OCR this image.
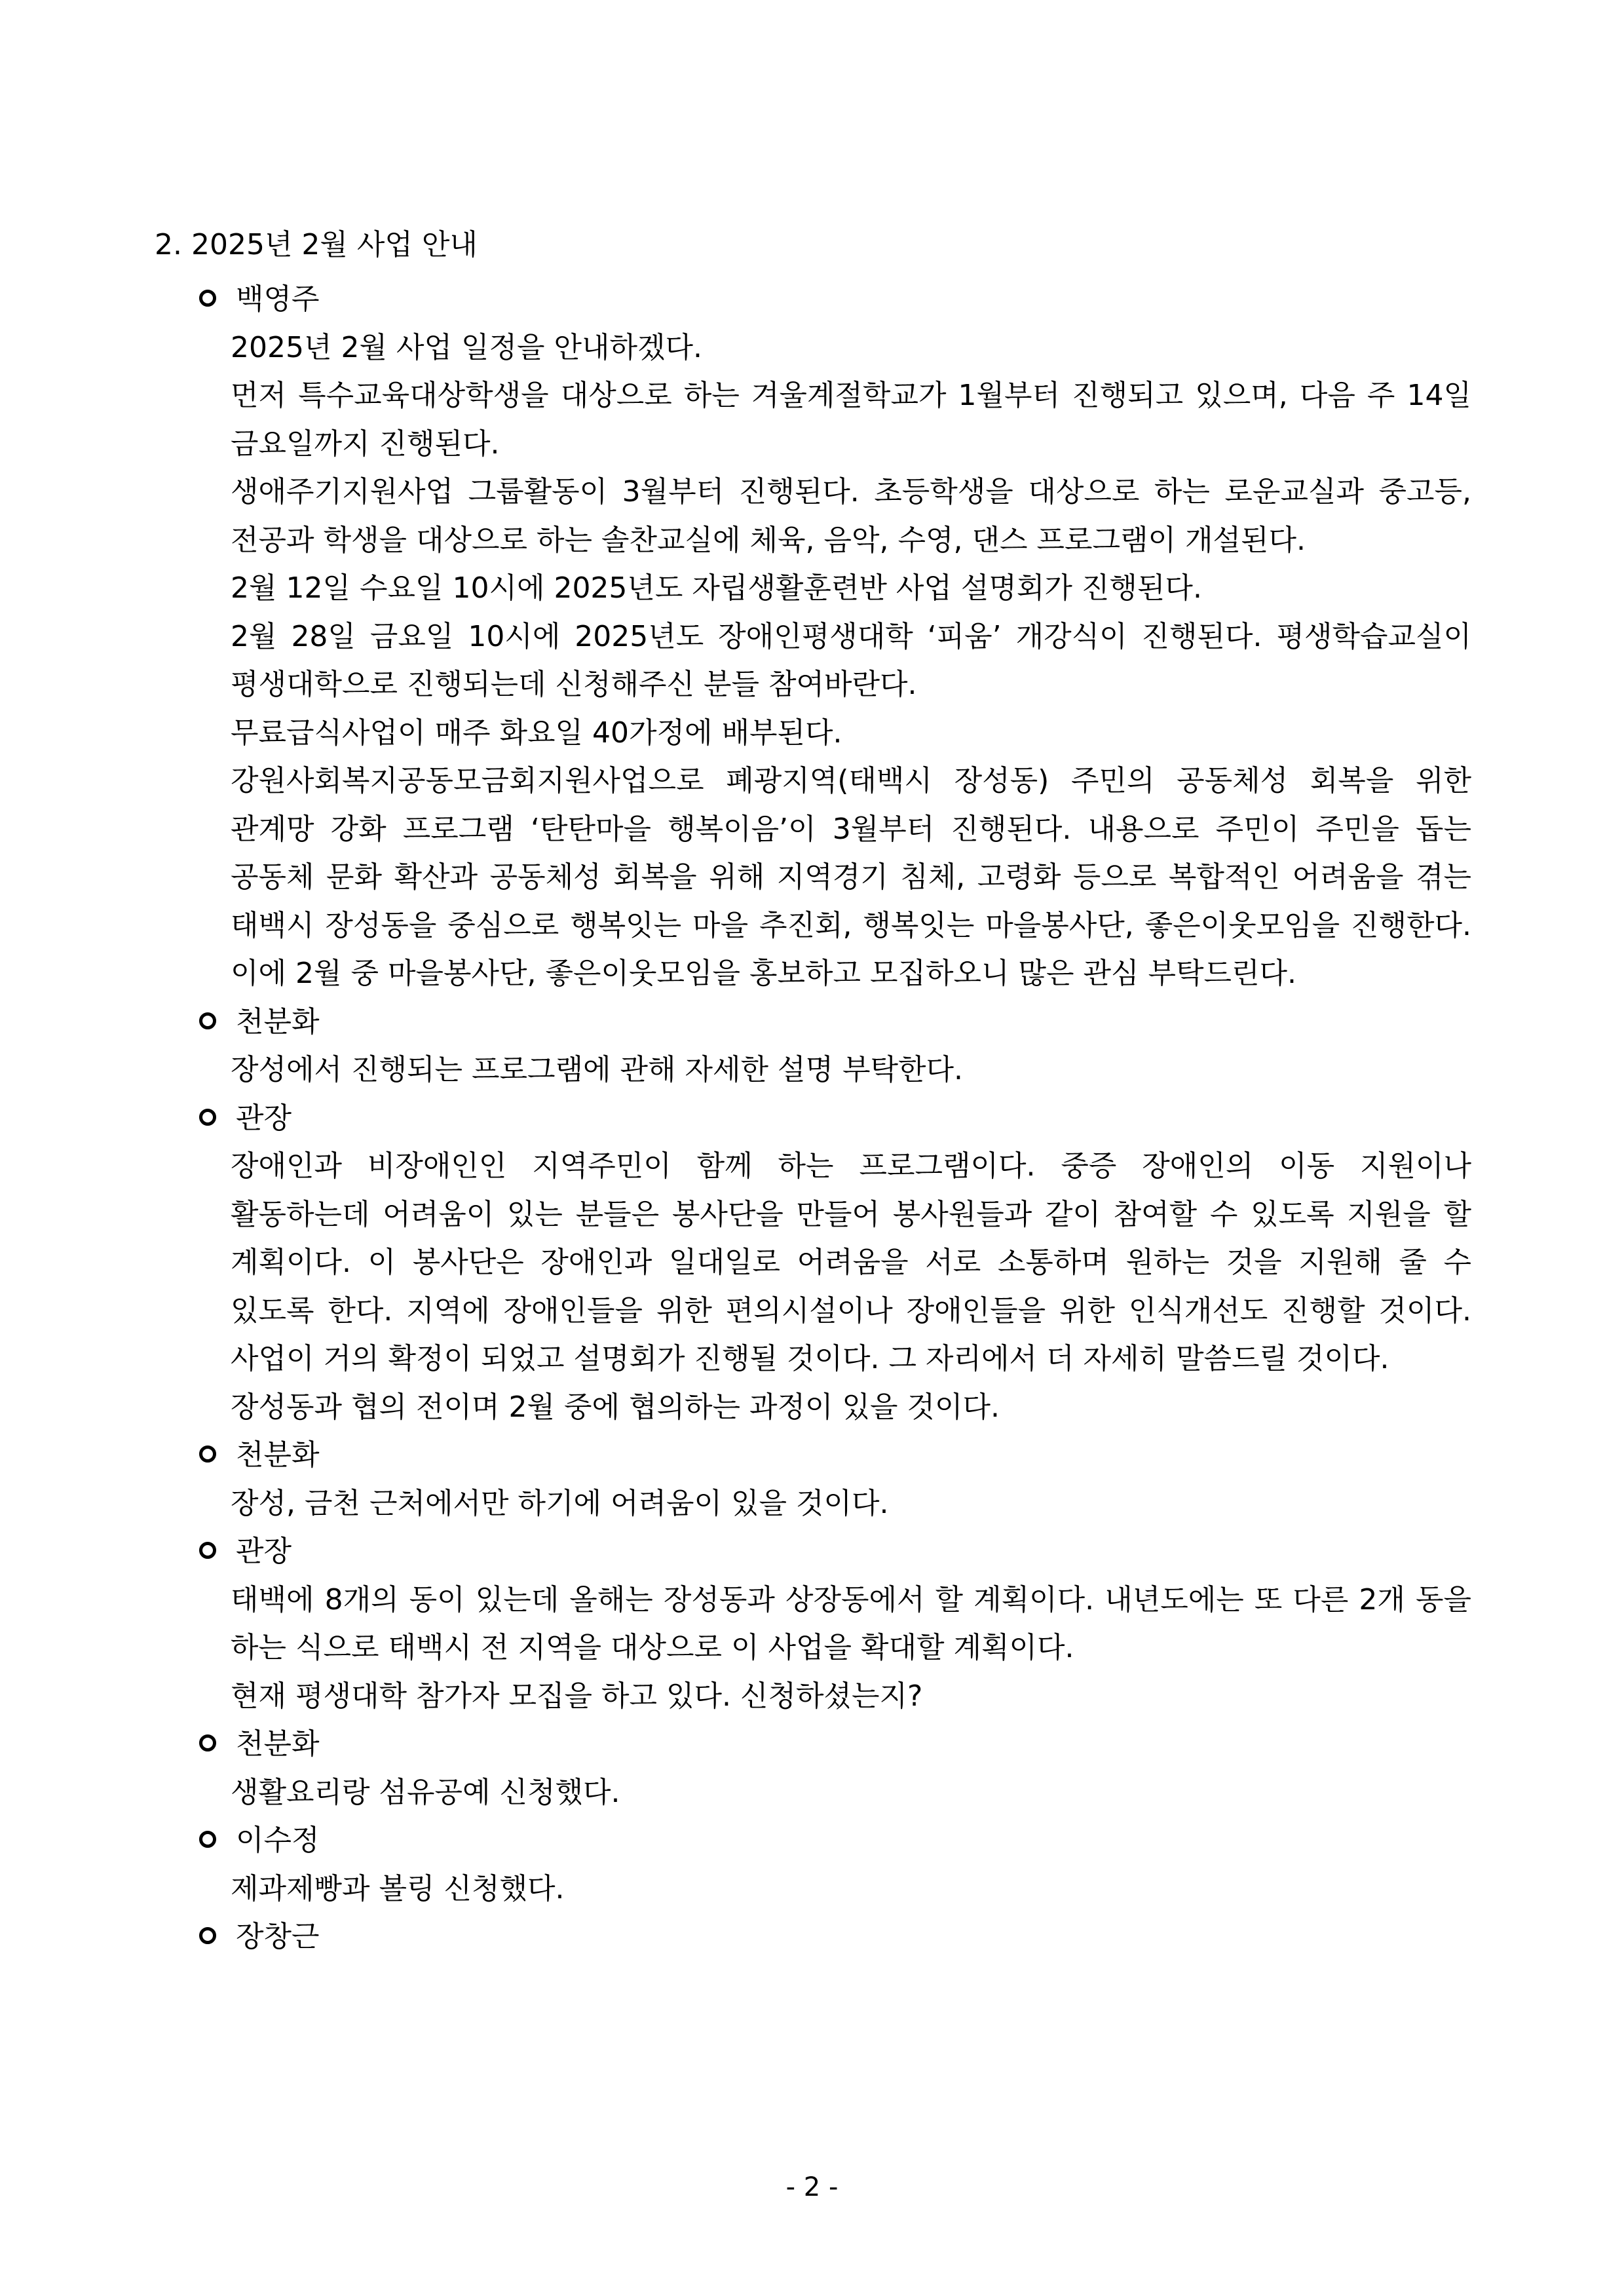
2. 2025년 2월 사업 안내
백영주
2025년 2월 사업 일정을 안내하겠다.
먼저 특수교육대상학생을 대상으로 하는 겨울계절학교가 1월부터 진행되고 있으며, 다음 주 14일 금요일까지 진행된다.
생애주기지원사업 그룹활동이 3월부터 진행된다. 초등학생을 대상으로 하는 로운교실과 중고등, 전공과 학생을 대상으로 하는 솔찬교실에 체육, 음악, 수영, 댄스 프로그램이 개설된다.
2월 12일 수요일 10시에 2025년도 자립생활훈련반 사업 설명회가 진행된다.
2월 28일 금요일 10시에 2025년도 장애인평생대학 ‘피움’ 개강식이 진행된다. 평생학습교실이 평생대학으로 진행되는데 신청해주신 분들 참여바란다.
무료급식사업이 매주 화요일 40가정에 배부된다.
강원사회복지공동모금회지원사업으로 폐광지역(태백시 장성동) 주민의 공동체성 회복을 위한 관계망 강화 프로그램 ‘탄탄마을 행복이음’이 3월부터 진행된다. 내용으로 주민이 주민을 돕는 공동체 문화 확산과 공동체성 회복을 위해 지역경기 침체, 고령화 등으로 복합적인 어려움을 겪는 태백시 장성동을 중심으로 행복잇는 마을 추진회, 행복잇는 마을봉사단, 좋은이웃모임을 진행한다. 이에 2월 중 마을봉사단, 좋은이웃모임을 홍보하고 모집하오니 많은 관심 부탁드린다.
천분화
장성에서 진행되는 프로그램에 관해 자세한 설명 부탁한다.
관장
장애인과 비장애인인 지역주민이 함께 하는 프로그램이다. 중증 장애인의 이동 지원이나 활동하는데 어려움이 있는 분들은 봉사단을 만들어 봉사원들과 같이 참여할 수 있도록 지원을 할 계획이다. 이 봉사단은 장애인과 일대일로 어려움을 서로 소통하며 원하는 것을 지원해 줄 수 있도록 한다. 지역에 장애인들을 위한 편의시설이나 장애인들을 위한 인식개선도 진행할 것이다. 사업이 거의 확정이 되었고 설명회가 진행될 것이다. 그 자리에서 더 자세히 말씀드릴 것이다.
장성동과 협의 전이며 2월 중에 협의하는 과정이 있을 것이다.
천분화
장성, 금천 근처에서만 하기에 어려움이 있을 것이다.
관장
태백에 8개의 동이 있는데 올해는 장성동과 상장동에서 할 계획이다. 내년도에는 또 다른 2개 동을 하는 식으로 태백시 전 지역을 대상으로 이 사업을 확대할 계획이다.
현재 평생대학 참가자 모집을 하고 있다. 신청하셨는지?
천분화
생활요리랑 섬유공예 신청했다.
이수정
제과제빵과 볼링 신청했다.
장창근
- 2 -
